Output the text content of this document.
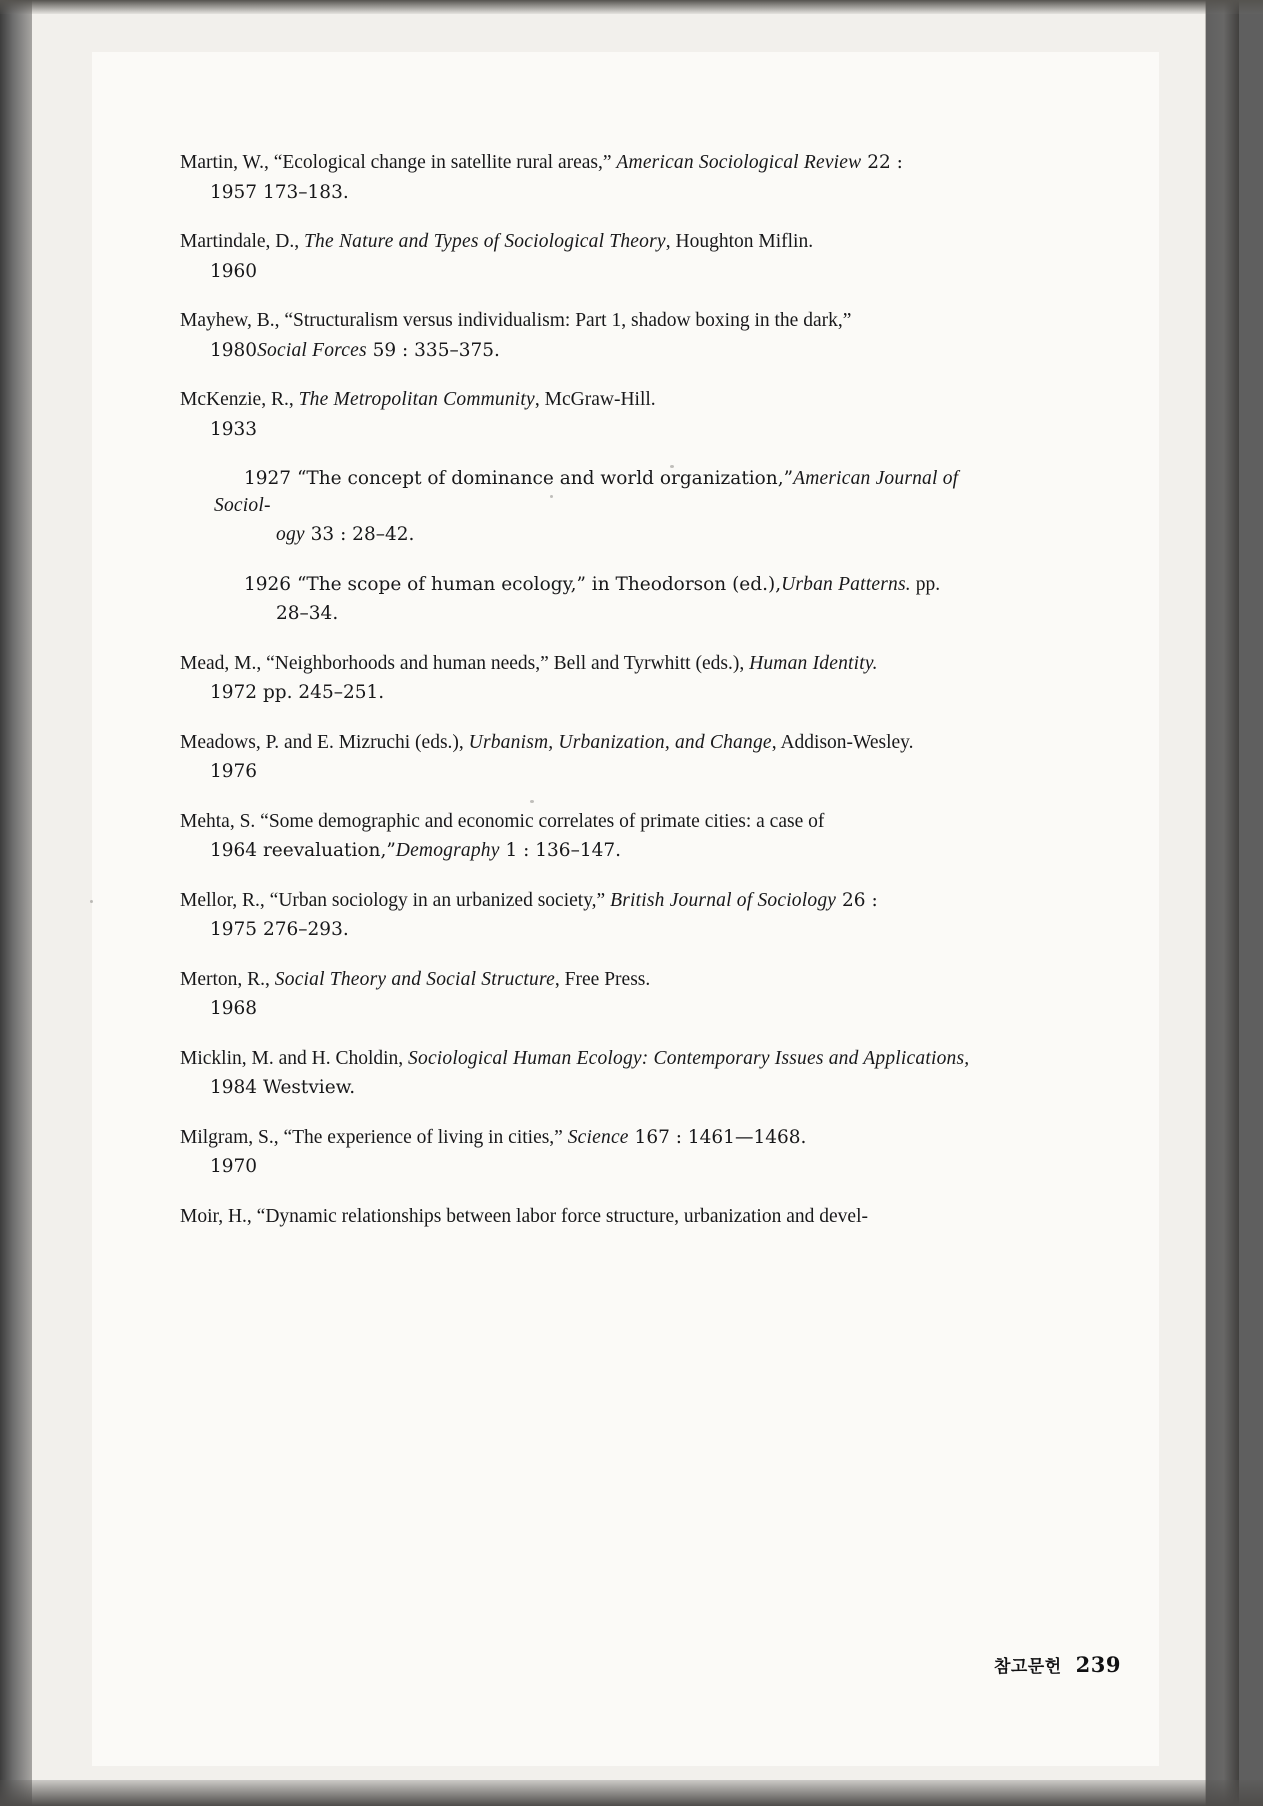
Martin, W., “Ecological change in satellite rural areas,” American Sociological Review 22 :
1957 173–183.
Martindale, D., The Nature and Types of Sociological Theory, Houghton Miflin.
1960
Mayhew, B., “Structuralism versus individualism: Part 1, shadow boxing in the dark,”
1980Social Forces 59 : 335–375.
McKenzie, R., The Metropolitan Community, McGraw-Hill.
1933
1927 “The concept of dominance and world organization,”American Journal of Sociol-
ogy 33 : 28–42.
1926 “The scope of human ecology,” in Theodorson (ed.),Urban Patterns. pp.
28–34.
Mead, M., “Neighborhoods and human needs,” Bell and Tyrwhitt (eds.), Human Identity.
1972 pp. 245–251.
Meadows, P. and E. Mizruchi (eds.), Urbanism, Urbanization, and Change, Addison-Wesley.
1976
Mehta, S. “Some demographic and economic correlates of primate cities: a case of
1964 reevaluation,”Demography 1 : 136–147.
Mellor, R., “Urban sociology in an urbanized society,” British Journal of Sociology 26 :
1975 276–293.
Merton, R., Social Theory and Social Structure, Free Press.
1968
Micklin, M. and H. Choldin, Sociological Human Ecology: Contemporary Issues and Applications,
1984 Westview.
Milgram, S., “The experience of living in cities,” Science 167 : 1461—1468.
1970
Moir, H., “Dynamic relationships between labor force structure, urbanization and devel-
참고문헌 239
